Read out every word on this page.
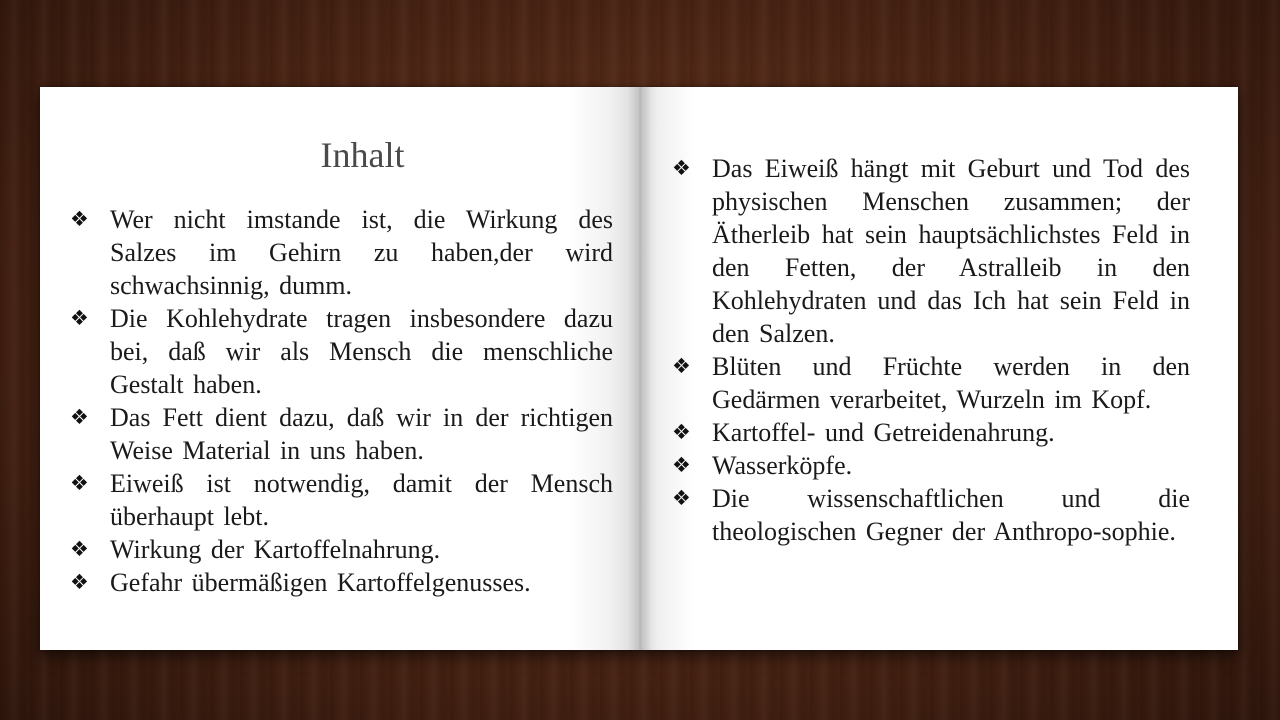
Inhalt
❖ Wer nicht imstande ist, die Wirkung des Salzes im Gehirn zu haben,der wird schwachsinnig, dumm.
❖ Die Kohlehydrate tragen insbesondere dazu bei, daß wir als Mensch die menschliche Gestalt haben.
❖ Das Fett dient dazu, daß wir in der richtigen Weise Material in uns haben.
❖ Eiweiß ist notwendig, damit der Mensch überhaupt lebt.
❖ Wirkung der Kartoffelnahrung.
❖ Gefahr übermäßigen Kartoffelgenusses.
❖ Das Eiweiß hängt mit Geburt und Tod des physischen Menschen zusammen; der Ätherleib hat sein hauptsächlichstes Feld in den Fetten, der Astralleib in den Kohlehydraten und das Ich hat sein Feld in den Salzen.
❖ Blüten und Früchte werden in den Gedärmen verarbeitet, Wurzeln im Kopf.
❖ Kartoffel- und Getreidenahrung.
❖ Wasserköpfe.
❖ Die wissenschaftlichen und die theologischen Gegner der Anthropo-sophie.
